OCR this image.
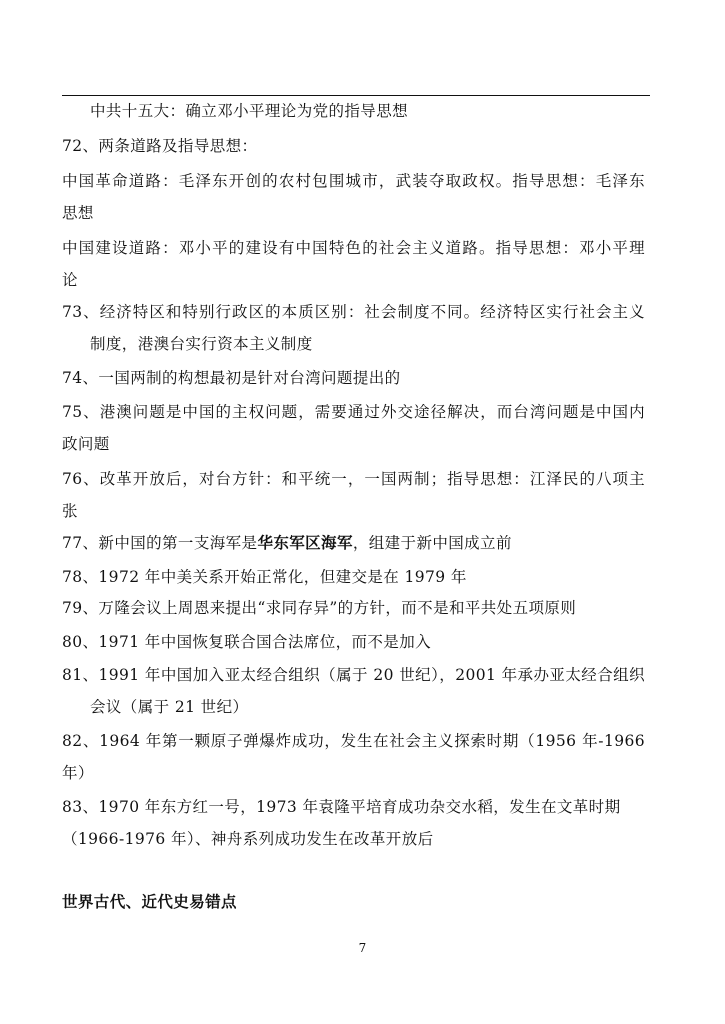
中共十五大：确立邓小平理论为党的指导思想
72、两条道路及指导思想：
中国革命道路：毛泽东开创的农村包围城市，武装夺取政权。指导思想：毛泽东
思想
中国建设道路：邓小平的建设有中国特色的社会主义道路。指导思想：邓小平理
论
73、经济特区和特别行政区的本质区别：社会制度不同。经济特区实行社会主义
制度，港澳台实行资本主义制度
74、一国两制的构想最初是针对台湾问题提出的
75、港澳问题是中国的主权问题，需要通过外交途径解决，而台湾问题是中国内
政问题
76、改革开放后，对台方针：和平统一，一国两制；指导思想：江泽民的八项主
张
77、新中国的第一支海军是华东军区海军，组建于新中国成立前
78、1972 年中美关系开始正常化，但建交是在 1979 年
79、万隆会议上周恩来提出“求同存异”的方针，而不是和平共处五项原则
80、1971 年中国恢复联合国合法席位，而不是加入
81、1991 年中国加入亚太经合组织（属于 20 世纪），2001 年承办亚太经合组织
会议（属于 21 世纪）
82、1964 年第一颗原子弹爆炸成功，发生在社会主义探索时期（1956 年-1966
年）
83、1970 年东方红一号，1973 年袁隆平培育成功杂交水稻，发生在文革时期
（1966-1976 年）、神舟系列成功发生在改革开放后
世界古代、近代史易错点
7
